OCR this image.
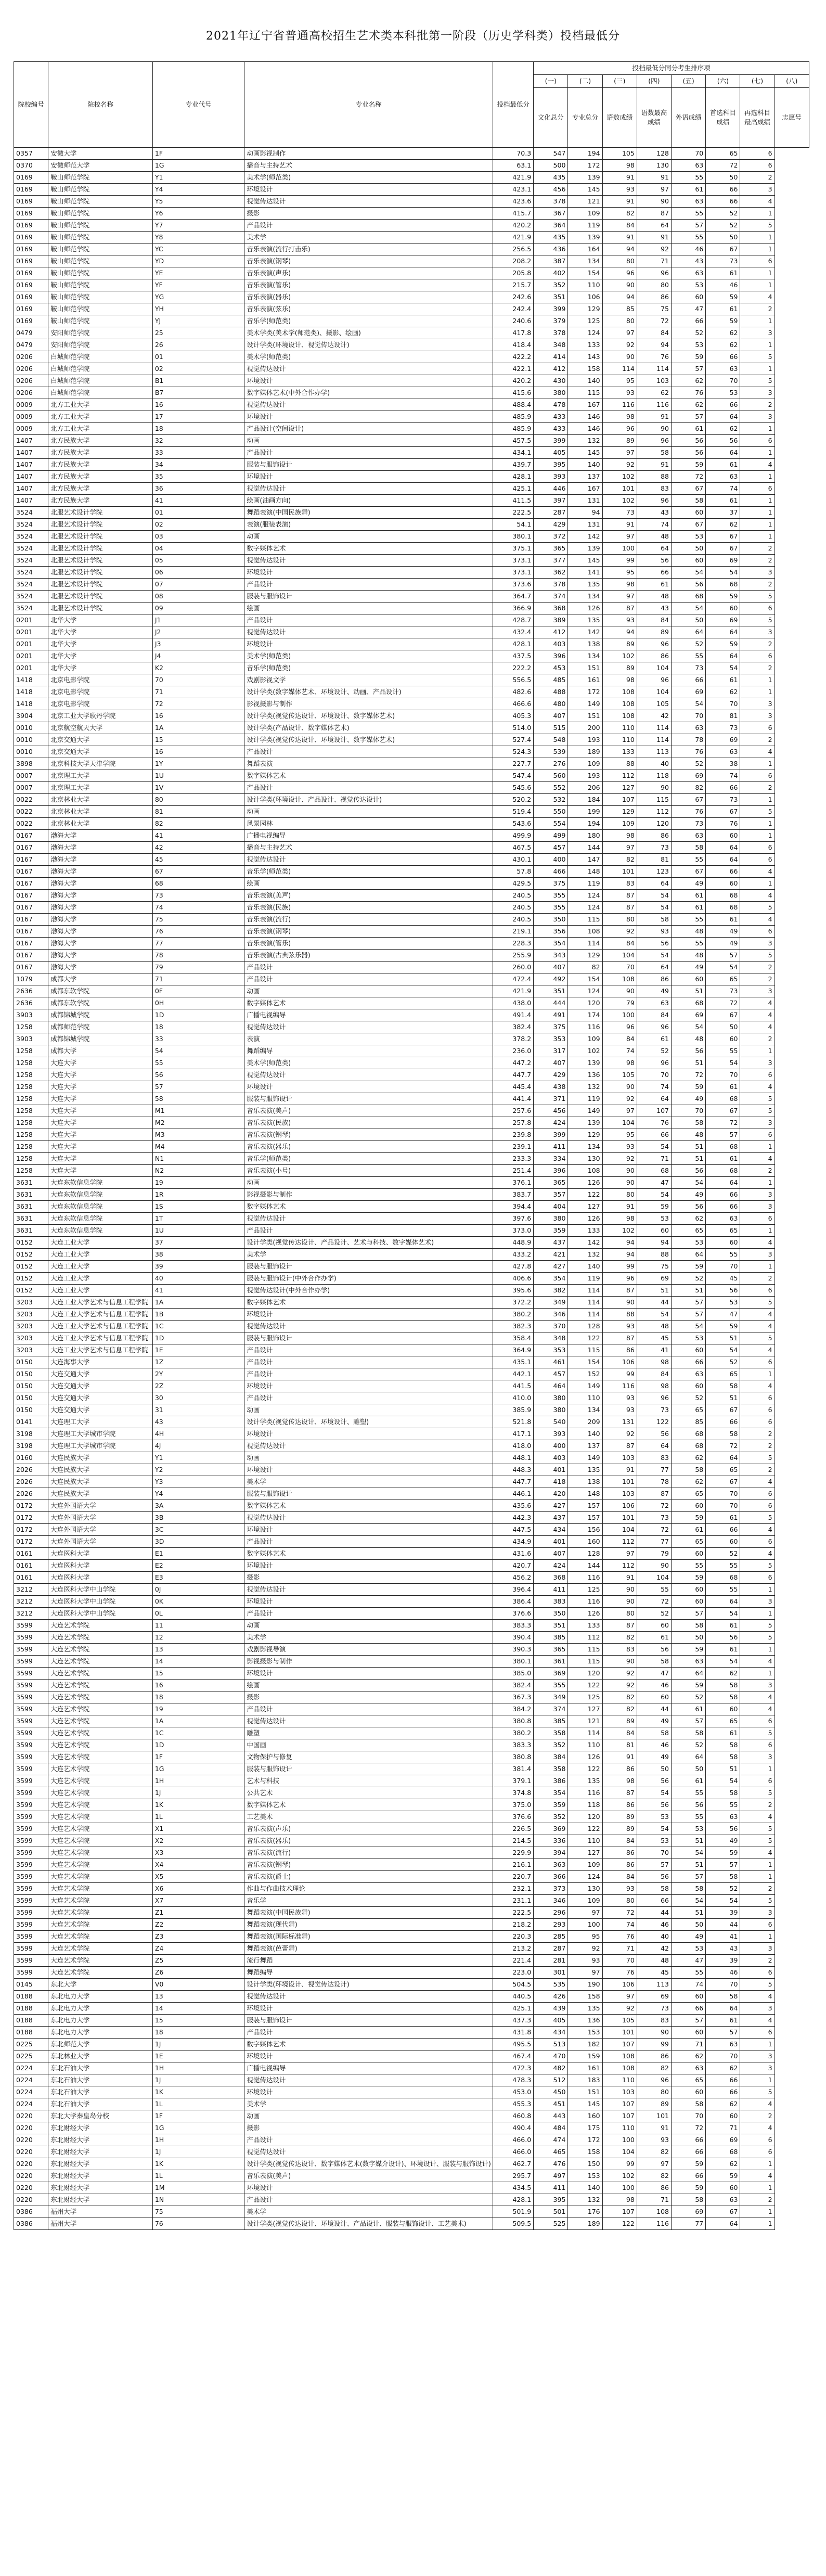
2021年辽宁省普通高校招生艺术类本科批第一阶段（历史学科类）投档最低分
院校编号	院校名称	专业代号	专业名称	投档最低分	投档最低分同分考生排序项							
					(一)	(二)	(三)	(四)	(五)	(六)	(七)	(八)
					文化总分	专业总分	语数成绩	语数最高成绩	外语成绩	首选科目成绩	再选科目最高成绩	志愿号
0357	安徽大学	1F	动画影视制作	70.3	547	194	105	128	70	65	6	
0370	安徽师范大学	1G	播音与主持艺术	63.1	500	172	98	130	63	72	6	
0169	鞍山师范学院	Y1	美术学(师范类)	421.9	435	139	91	91	55	50	2	
0169	鞍山师范学院	Y4	环境设计	423.1	456	145	93	97	61	66	3	
0169	鞍山师范学院	Y5	视觉传达设计	423.6	378	121	91	90	63	66	4	
0169	鞍山师范学院	Y6	摄影	415.7	367	109	82	87	55	52	1	
0169	鞍山师范学院	Y7	产品设计	420.2	364	119	84	64	57	52	5	
0169	鞍山师范学院	Y8	美术学	421.9	435	139	91	91	55	50	1	
0169	鞍山师范学院	YC	音乐表演(流行打击乐)	256.5	436	164	94	92	46	67	1	
0169	鞍山师范学院	YD	音乐表演(钢琴)	208.2	387	134	80	71	43	73	6	
0169	鞍山师范学院	YE	音乐表演(声乐)	205.8	402	154	96	96	63	61	1	
0169	鞍山师范学院	YF	音乐表演(管乐)	215.7	352	110	90	80	53	46	1	
0169	鞍山师范学院	YG	音乐表演(器乐)	242.6	351	106	94	86	60	59	4	
0169	鞍山师范学院	YH	音乐表演(弦乐)	242.4	399	129	85	75	47	61	2	
0169	鞍山师范学院	YJ	音乐学(师范类)	240.6	379	125	80	72	66	59	1	
0479	安阳师范学院	25	美术学类(美术学(师范类)、摄影、绘画)	417.8	378	124	97	84	52	62	3	
0479	安阳师范学院	26	设计学类(环境设计、视觉传达设计)	418.4	348	133	92	94	53	62	1	
0206	白城师范学院	01	美术学(师范类)	422.2	414	143	90	76	59	66	5	
0206	白城师范学院	02	视觉传达设计	422.1	412	158	114	114	57	63	1	
0206	白城师范学院	B1	环境设计	420.2	430	140	95	103	62	70	5	
0206	白城师范学院	B7	数字媒体艺术(中外合作办学)	415.6	380	115	93	62	76	53	3	
0009	北方工业大学	16	视觉传达设计	488.4	478	167	116	116	62	66	2	
0009	北方工业大学	17	环境设计	485.9	433	146	98	91	57	64	3	
0009	北方工业大学	18	产品设计(空间设计)	485.9	433	146	96	90	61	62	1	
1407	北方民族大学	32	动画	457.5	399	132	89	96	56	56	6	
1407	北方民族大学	33	产品设计	434.1	405	145	97	58	56	64	1	
1407	北方民族大学	34	服装与服饰设计	439.7	395	140	92	91	59	61	4	
1407	北方民族大学	35	环境设计	428.1	393	137	102	88	72	63	1	
1407	北方民族大学	36	视觉传达设计	425.1	446	167	101	83	67	74	6	
1407	北方民族大学	41	绘画(油画方向)	411.5	397	131	102	96	58	61	1	
3524	北服艺术设计学院	01	舞蹈表演(中国民族舞)	222.5	287	94	73	43	60	37	1	
3524	北服艺术设计学院	02	表演(服装表演)	54.1	429	131	91	74	67	62	1	
3524	北服艺术设计学院	03	动画	380.1	372	142	97	48	53	67	1	
3524	北服艺术设计学院	04	数字媒体艺术	375.1	365	139	100	64	50	67	2	
3524	北服艺术设计学院	05	视觉传达设计	373.1	377	145	99	56	60	69	2	
3524	北服艺术设计学院	06	环境设计	373.1	362	141	95	66	54	54	3	
3524	北服艺术设计学院	07	产品设计	373.6	378	135	98	61	56	68	2	
3524	北服艺术设计学院	08	服装与服饰设计	364.7	374	134	97	48	68	59	5	
3524	北服艺术设计学院	09	绘画	366.9	368	126	87	43	54	60	6	
0201	北华大学	J1	产品设计	428.7	389	135	93	84	50	69	5	
0201	北华大学	J2	视觉传达设计	432.4	412	142	94	89	64	64	3	
0201	北华大学	J3	环境设计	428.1	403	138	89	96	52	59	2	
0201	北华大学	J4	美术学(师范类)	437.5	396	134	102	86	55	64	6	
0201	北华大学	K2	音乐学(师范类)	222.2	453	151	89	104	73	54	2	
1418	北京电影学院	70	戏剧影视文学	556.5	485	161	98	96	66	61	1	
1418	北京电影学院	71	设计学类(数字媒体艺术、环境设计、动画、产品设计)	482.6	488	172	108	104	69	62	1	
1418	北京电影学院	72	影视摄影与制作	466.6	480	149	108	105	54	70	3	
3904	北京工业大学耿丹学院	16	设计学类(视觉传达设计、环境设计、数字媒体艺术)	405.3	407	151	108	42	70	81	3	
0010	北京航空航天大学	1A	设计学类(产品设计、数字媒体艺术)	514.0	515	200	110	114	63	73	6	
0010	北京交通大学	15	设计学类(视觉传达设计、环境设计、数字媒体艺术)	527.4	548	193	110	114	78	69	2	
0010	北京交通大学	16	产品设计	524.3	539	189	133	113	76	63	4	
3898	北京科技大学天津学院	1Y	舞蹈表演	227.7	276	109	88	40	52	38	1	
0007	北京理工大学	1U	数字媒体艺术	547.4	560	193	112	118	69	74	6	
0007	北京理工大学	1V	产品设计	545.6	552	206	127	90	82	66	2	
0022	北京林业大学	80	设计学类(环境设计、产品设计、视觉传达设计)	520.2	532	184	107	115	67	73	1	
0022	北京林业大学	81	动画	519.4	550	199	129	112	76	67	5	
0022	北京林业大学	82	风景园林	543.6	554	194	109	120	73	76	1	
0167	渤海大学	41	广播电视编导	499.9	499	180	98	86	63	60	1	
0167	渤海大学	42	播音与主持艺术	467.5	457	144	97	73	58	64	6	
0167	渤海大学	45	视觉传达设计	430.1	400	147	82	81	55	64	6	
0167	渤海大学	67	音乐学(师范类)	57.8	466	148	101	123	67	66	4	
0167	渤海大学	68	绘画	429.5	375	119	83	64	49	60	1	
0167	渤海大学	73	音乐表演(美声)	240.5	355	124	87	54	61	68	4	
0167	渤海大学	74	音乐表演(民族)	240.5	355	124	87	54	61	68	5	
0167	渤海大学	75	音乐表演(流行)	240.5	350	115	80	58	55	61	4	
0167	渤海大学	76	音乐表演(钢琴)	219.1	356	108	92	93	48	49	6	
0167	渤海大学	77	音乐表演(管乐)	228.3	354	114	84	56	55	49	3	
0167	渤海大学	78	音乐表演(古典弦乐器)	255.9	343	129	104	54	48	57	5	
0167	渤海大学	79	产品设计	260.0	407	82	70	64	49	54	2	
1079	成都大学	71	产品设计	472.4	492	154	108	86	60	65	2	
2636	成都东软学院	0F	动画	421.9	351	124	90	49	51	73	3	
2636	成都东软学院	0H	数字媒体艺术	438.0	444	120	79	63	68	72	4	
3903	成都锦城学院	1D	广播电视编导	491.4	491	174	100	84	69	67	4	
1258	成都师范学院	18	视觉传达设计	382.4	375	116	96	96	54	50	4	
3903	成都锦城学院	33	表演	378.2	353	109	84	61	48	60	2	
1258	成都大学	54	舞蹈编导	236.0	317	102	74	52	56	55	1	
1258	大连大学	55	美术学(师范类)	447.2	407	139	98	96	51	54	3	
1258	大连大学	56	视觉传达设计	447.7	429	136	105	70	72	70	6	
1258	大连大学	57	环境设计	445.4	438	132	90	74	59	61	4	
1258	大连大学	58	服装与服饰设计	441.4	371	119	92	64	49	68	5	
1258	大连大学	M1	音乐表演(美声)	257.6	456	149	97	107	70	67	5	
1258	大连大学	M2	音乐表演(民族)	257.8	424	139	104	76	58	72	3	
1258	大连大学	M3	音乐表演(钢琴)	239.8	399	129	95	66	48	57	6	
1258	大连大学	M4	音乐表演(器乐)	239.1	411	134	93	54	51	68	1	
1258	大连大学	N1	音乐学(师范类)	233.3	334	130	92	71	51	61	4	
1258	大连大学	N2	音乐表演(小号)	251.4	396	108	90	68	56	68	2	
3631	大连东软信息学院	19	动画	376.1	365	126	90	47	54	64	1	
3631	大连东软信息学院	1R	影视摄影与制作	383.7	357	122	80	54	49	66	3	
3631	大连东软信息学院	1S	数字媒体艺术	394.4	404	127	91	59	56	66	3	
3631	大连东软信息学院	1T	视觉传达设计	397.6	380	126	98	53	62	63	6	
3631	大连东软信息学院	1U	产品设计	373.0	359	133	102	60	65	65	1	
0152	大连工业大学	37	设计学类(视觉传达设计、产品设计、艺术与科技、数字媒体艺术)	448.9	437	142	94	94	53	60	4	
0152	大连工业大学	38	美术学	433.2	421	132	94	88	64	55	3	
0152	大连工业大学	39	服装与服饰设计	427.8	427	140	99	75	59	70	1	
0152	大连工业大学	40	服装与服饰设计(中外合作办学)	406.6	354	119	96	69	52	45	2	
0152	大连工业大学	41	视觉传达设计(中外合作办学)	395.6	382	114	87	51	51	56	6	
3203	大连工业大学艺术与信息工程学院	1A	数字媒体艺术	372.2	349	114	90	44	57	53	5	
3203	大连工业大学艺术与信息工程学院	1B	环境设计	380.2	346	114	88	54	57	47	4	
3203	大连工业大学艺术与信息工程学院	1C	视觉传达设计	382.3	370	128	93	48	54	59	4	
3203	大连工业大学艺术与信息工程学院	1D	服装与服饰设计	358.4	348	122	87	45	53	51	5	
3203	大连工业大学艺术与信息工程学院	1E	产品设计	364.9	353	115	86	41	60	54	4	
0150	大连海事大学	1Z	产品设计	435.1	461	154	106	98	66	52	6	
0150	大连交通大学	2Y	产品设计	442.1	457	152	99	84	63	65	1	
0150	大连交通大学	2Z	环境设计	441.5	464	149	116	98	60	58	4	
0150	大连交通大学	30	产品设计	410.0	380	110	93	96	52	51	6	
0150	大连交通大学	31	动画	385.9	380	134	93	73	65	67	6	
0141	大连理工大学	43	设计学类(视觉传达设计、环境设计、雕塑)	521.8	540	209	131	122	85	66	6	
3198	大连理工大学城市学院	4H	环境设计	417.1	393	140	92	56	68	58	2	
3198	大连理工大学城市学院	4J	视觉传达设计	418.0	400	137	87	64	68	72	2	
0160	大连民族大学	Y1	动画	448.1	403	149	103	83	62	64	5	
2026	大连民族大学	Y2	环境设计	448.3	401	135	91	77	58	65	2	
2026	大连民族大学	Y3	美术学	447.7	418	138	101	78	62	67	4	
2026	大连民族大学	Y4	服装与服饰设计	446.1	420	148	103	87	65	70	6	
0172	大连外国语大学	3A	数字媒体艺术	435.6	427	157	106	72	60	70	6	
0172	大连外国语大学	3B	视觉传达设计	442.3	437	157	101	73	59	61	5	
0172	大连外国语大学	3C	环境设计	447.5	434	156	104	72	61	66	4	
0172	大连外国语大学	3D	产品设计	434.9	401	160	112	77	65	60	6	
0161	大连医科大学	E1	数字媒体艺术	431.6	407	128	97	79	60	52	4	
0161	大连医科大学	E2	环境设计	420.7	424	144	112	90	55	55	5	
0161	大连医科大学	E3	摄影	456.2	368	116	91	104	59	68	6	
3212	大连医科大学中山学院	0J	视觉传达设计	396.4	411	125	90	55	60	55	1	
3212	大连医科大学中山学院	0K	环境设计	386.4	383	116	90	72	60	64	3	
3212	大连医科大学中山学院	0L	产品设计	376.6	350	126	80	52	57	54	1	
3599	大连艺术学院	11	动画	383.3	351	133	87	60	58	61	5	
3599	大连艺术学院	12	美术学	390.4	385	112	82	61	50	56	5	
3599	大连艺术学院	13	戏剧影视导演	390.3	365	115	83	56	59	61	1	
3599	大连艺术学院	14	影视摄影与制作	380.1	361	115	90	58	63	54	4	
3599	大连艺术学院	15	环境设计	385.0	369	120	92	47	64	62	1	
3599	大连艺术学院	16	绘画	382.4	355	122	92	46	59	58	3	
3599	大连艺术学院	18	摄影	367.3	349	125	82	60	52	58	4	
3599	大连艺术学院	19	产品设计	384.2	374	127	82	44	61	60	4	
3599	大连艺术学院	1A	视觉传达设计	380.8	385	121	89	49	57	65	6	
3599	大连艺术学院	1C	雕塑	380.2	358	114	84	58	58	61	5	
3599	大连艺术学院	1D	中国画	383.3	352	110	81	46	52	58	6	
3599	大连艺术学院	1F	文物保护与修复	380.8	384	126	91	49	64	58	3	
3599	大连艺术学院	1G	服装与服饰设计	381.4	358	122	86	50	50	51	1	
3599	大连艺术学院	1H	艺术与科技	379.1	386	135	98	56	61	54	6	
3599	大连艺术学院	1J	公共艺术	374.8	354	116	87	54	55	58	5	
3599	大连艺术学院	1K	数字媒体艺术	375.0	359	118	86	56	56	55	2	
3599	大连艺术学院	1L	工艺美术	376.6	352	120	89	53	55	63	4	
3599	大连艺术学院	X1	音乐表演(声乐)	226.5	369	122	89	54	53	56	5	
3599	大连艺术学院	X2	音乐表演(器乐)	214.5	336	110	84	53	51	49	5	
3599	大连艺术学院	X3	音乐表演(流行)	229.9	394	127	86	70	54	59	4	
3599	大连艺术学院	X4	音乐表演(钢琴)	216.1	363	109	86	57	51	57	1	
3599	大连艺术学院	X5	音乐表演(爵士)	220.7	366	124	84	56	57	58	1	
3599	大连艺术学院	X6	作曲与作曲技术理论	232.1	373	130	93	58	58	52	2	
3599	大连艺术学院	X7	音乐学	231.1	346	109	80	66	54	54	5	
3599	大连艺术学院	Z1	舞蹈表演(中国民族舞)	222.5	296	97	72	44	51	39	3	
3599	大连艺术学院	Z2	舞蹈表演(现代舞)	218.2	293	100	74	46	50	44	6	
3599	大连艺术学院	Z3	舞蹈表演(国际标准舞)	220.3	285	95	76	40	49	41	1	
3599	大连艺术学院	Z4	舞蹈表演(芭蕾舞)	213.2	287	92	71	42	53	43	3	
3599	大连艺术学院	Z5	流行舞蹈	221.4	281	93	70	48	47	39	2	
3599	大连艺术学院	Z6	舞蹈编导	223.0	301	97	76	45	55	46	6	
0145	东北大学	V0	设计学类(环境设计、视觉传达设计)	504.5	535	190	106	113	74	70	5	
0188	东北电力大学	13	视觉传达设计	440.5	426	158	97	69	60	58	4	
0188	东北电力大学	14	环境设计	425.1	439	135	92	73	66	64	3	
0188	东北电力大学	15	服装与服饰设计	437.3	405	136	105	83	57	61	4	
0188	东北电力大学	18	产品设计	431.8	434	153	101	90	60	57	6	
0225	东北师范大学	1J	数字媒体艺术	495.5	513	182	107	99	71	63	1	
0225	东北林业大学	1E	环境设计	467.4	470	159	108	86	62	70	3	
0224	东北石油大学	1H	广播电视编导	472.3	482	161	108	82	63	62	3	
0224	东北石油大学	1J	视觉传达设计	478.3	512	183	110	96	65	66	1	
0224	东北石油大学	1K	环境设计	453.0	450	151	103	80	60	66	5	
0224	东北石油大学	1L	美术学	455.3	451	145	107	89	58	62	4	
0220	东北大学秦皇岛分校	1F	动画	460.8	443	160	107	101	70	60	2	
0220	东北财经大学	1G	摄影	490.4	484	175	110	91	72	71	4	
0220	东北财经大学	1H	产品设计	466.0	474	172	100	93	66	69	6	
0220	东北财经大学	1J	视觉传达设计	466.0	465	158	104	82	66	68	6	
0220	东北财经大学	1K	设计学类(视觉传达设计、数字媒体艺术(数字媒介设计)、环境设计、服装与服饰设计)	462.7	476	150	99	97	59	62	1	
0220	东北财经大学	1L	音乐表演(美声)	295.7	497	153	102	82	66	59	4	
0220	东北财经大学	1M	环境设计	434.5	411	140	100	86	59	60	1	
0220	东北财经大学	1N	产品设计	428.1	395	132	98	71	58	63	2	
0386	福州大学	75	美术学	501.9	501	176	107	108	69	67	1	
0386	福州大学	76	设计学类(视觉传达设计、环境设计、产品设计、服装与服饰设计、工艺美术)	509.5	525	189	122	116	77	64	1	
